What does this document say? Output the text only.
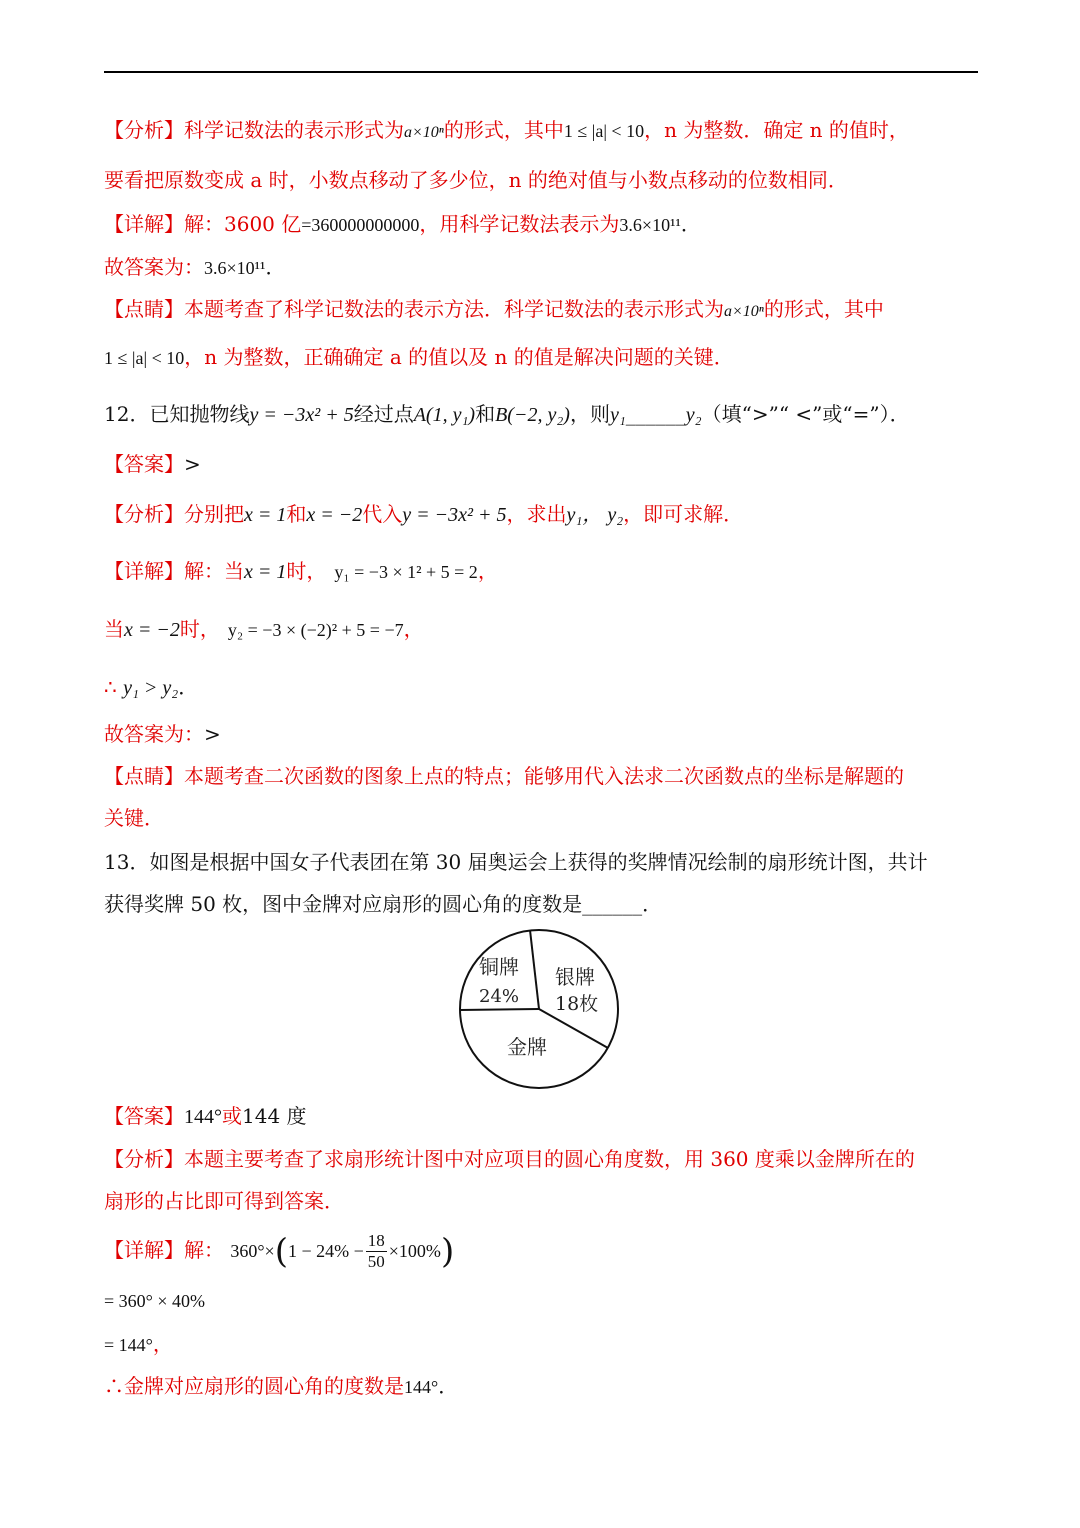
【分析】科学记数法的表示形式为a×10ⁿ的形式，其中1 ≤ |a| < 10，n 为整数．确定 n 的值时，
要看把原数变成 a 时，小数点移动了多少位，n 的绝对值与小数点移动的位数相同．
【详解】解：3600 亿=360000000000，用科学记数法表示为3.6×10¹¹．
故答案为：3.6×10¹¹．
【点睛】本题考查了科学记数法的表示方法．科学记数法的表示形式为a×10ⁿ的形式，其中
1 ≤ |a| < 10，n 为整数，正确确定 a 的值以及 n 的值是解决问题的关键．
12．已知抛物线y = −3x² + 5经过点A(1, y₁)和B(−2, y₂)，则y₁______y₂（填“>”“ <”或“=”）．
【答案】>
【分析】分别把x = 1和x = −2代入y = −3x² + 5，求出y₁， y₂，即可求解．
【详解】解：当x = 1时， y₁ = −3 × 1² + 5 = 2，
当x = −2时， y₂ = −3 × (−2)² + 5 = −7，
∴ y₁ > y₂．
故答案为：>
【点睛】本题考查二次函数的图象上点的特点；能够用代入法求二次函数点的坐标是解题的
关键．
13．如图是根据中国女子代表团在第 30 届奥运会上获得的奖牌情况绘制的扇形统计图，共计
获得奖牌 50 枚，图中金牌对应扇形的圆心角的度数是______．
铜牌
24%
银牌
18枚
金牌
【答案】144°或144 度
【分析】本题主要考查了求扇形统计图中对应项目的圆心角度数，用 360 度乘以金牌所在的
扇形的占比即可得到答案．
【详解】解： $360^\circ\times(1 - 24\% - \frac{18}{50} \times 100\%)$
= 360° × 40%
= 144°，
∴金牌对应扇形的圆心角的度数是144°．
